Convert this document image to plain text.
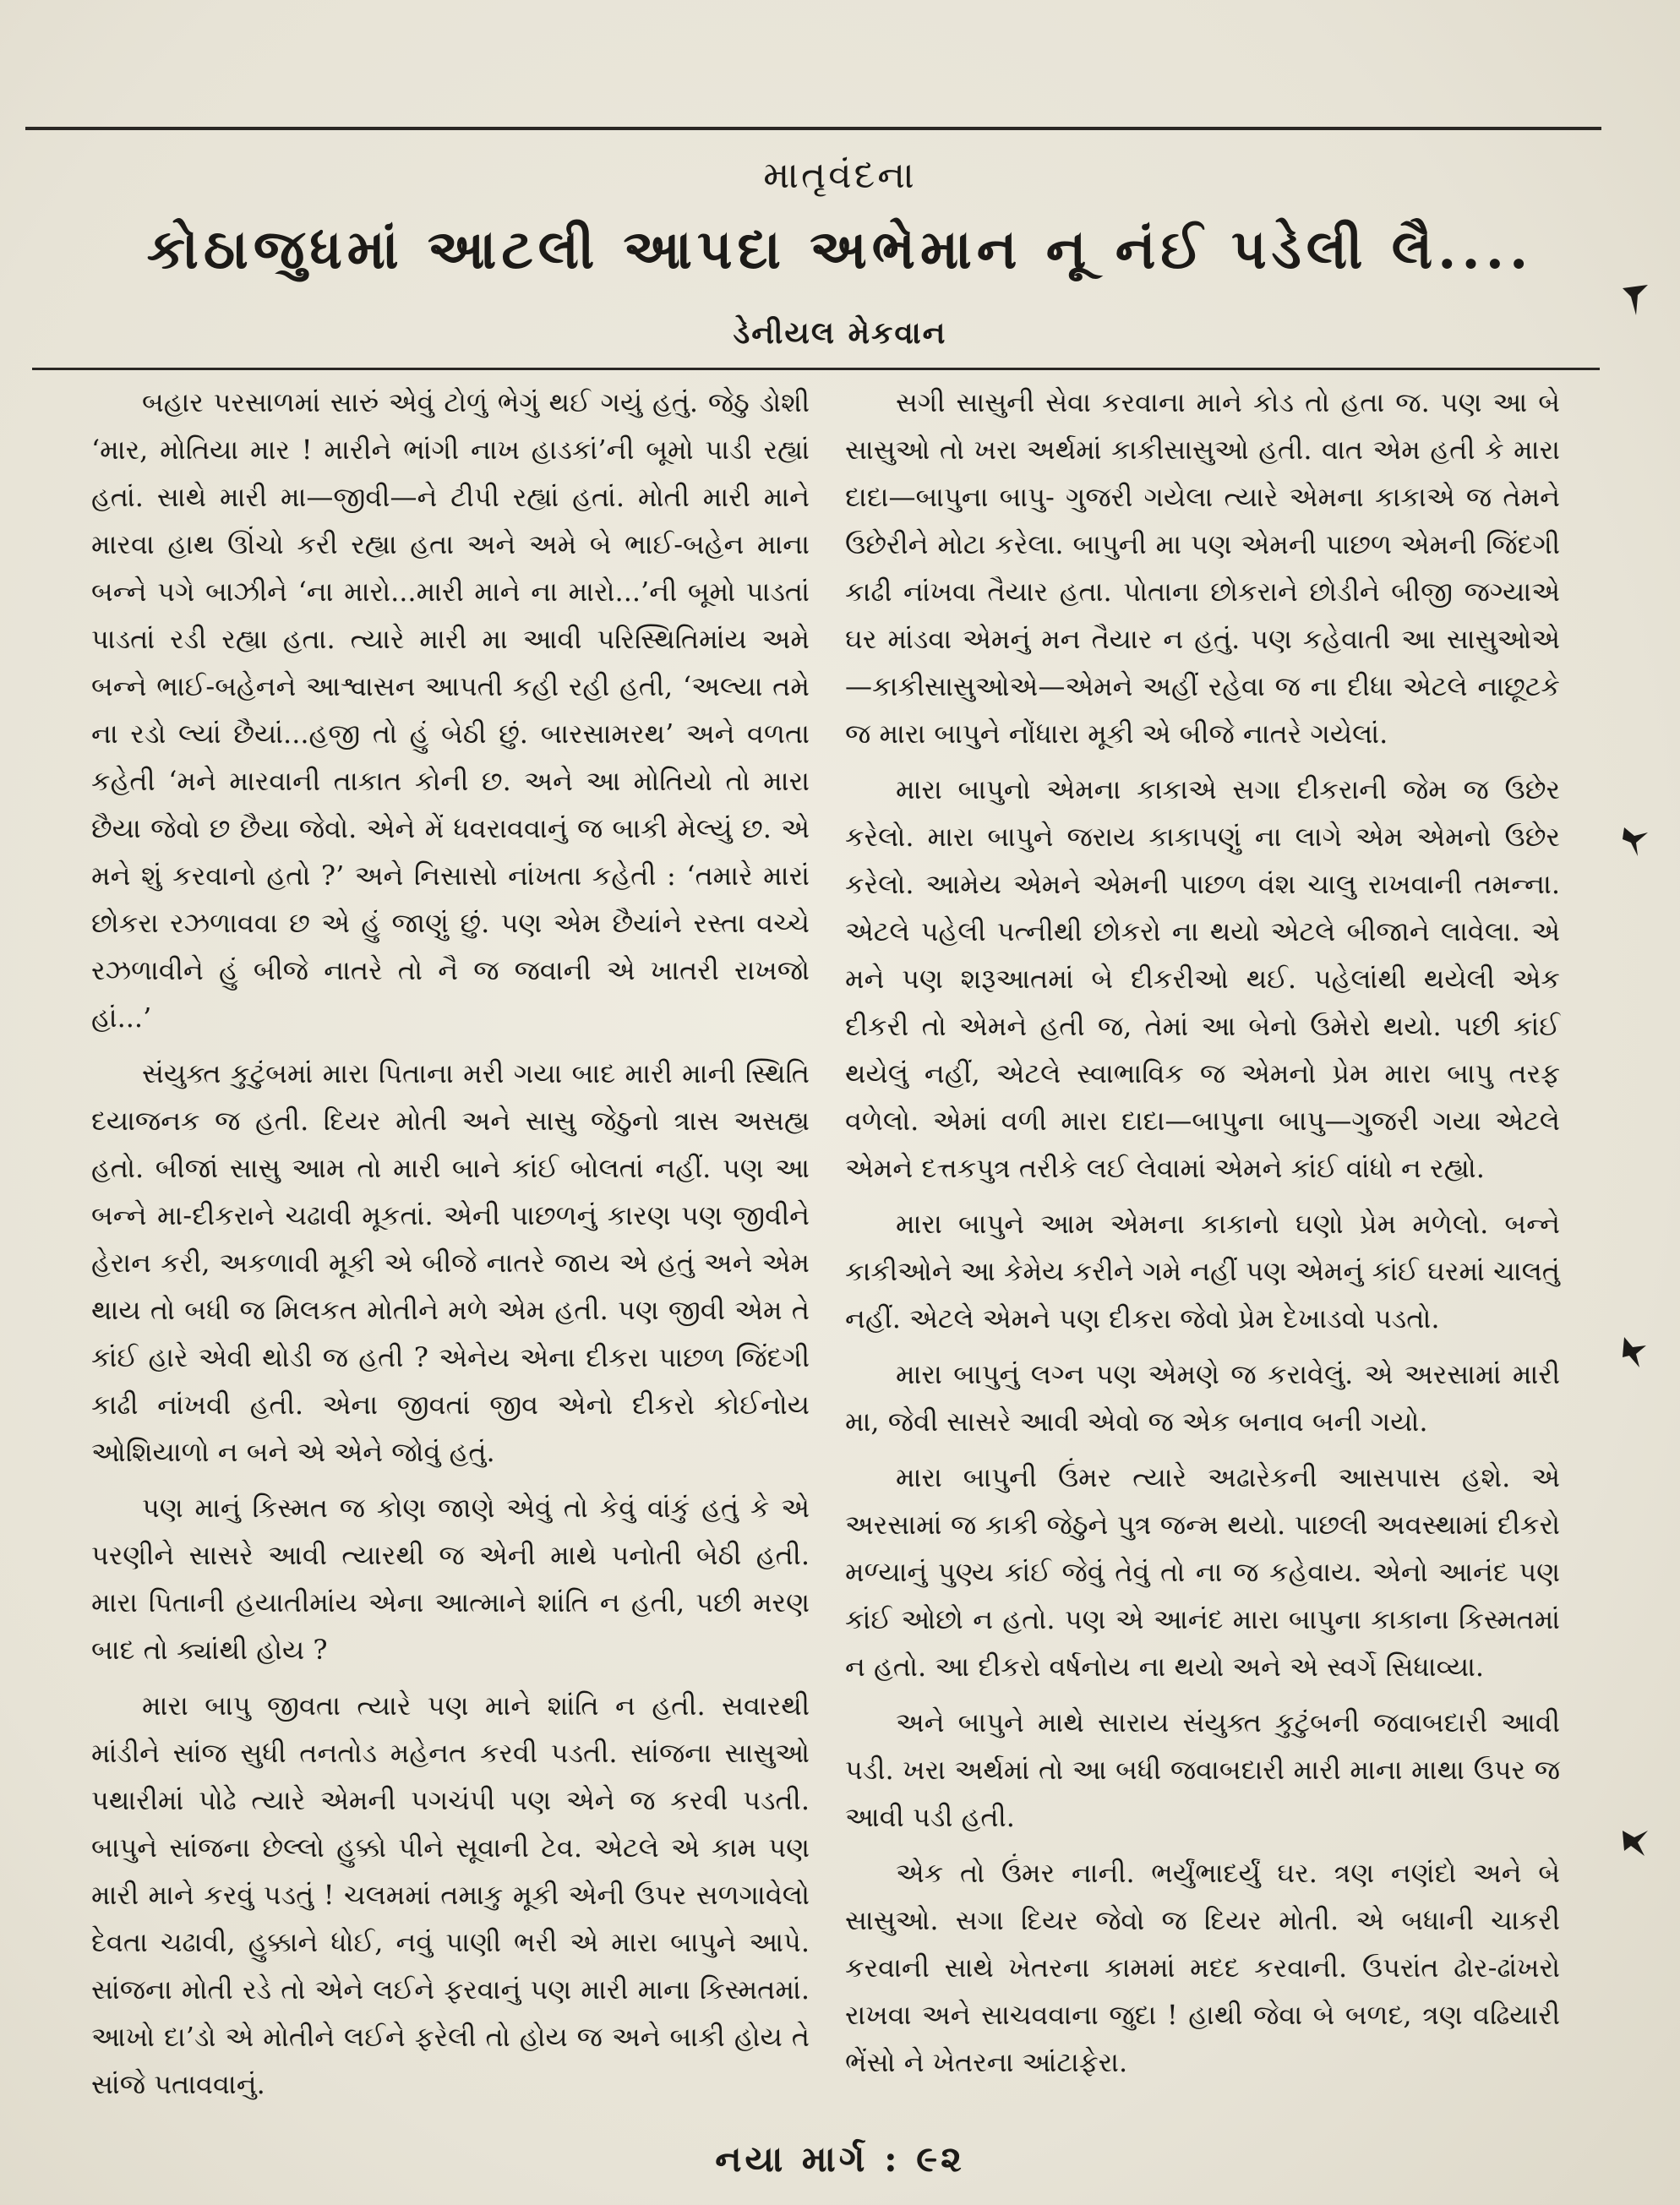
માતૃવંદના
કોઠાજુધમાં આટલી આપદા અભેમાન નૂ નંઈ પડેલી લૈ....
ડેનીયલ મેકવાન

બહાર પરસાળમાં સારું એવું ટોળું ભેગું થઈ ગયું હતું. જેઠુ ડોશી ‘માર, મોતિયા માર ! મારીને ભાંગી નાખ હાડકાં’ની બૂમો પાડી રહ્યાં હતાં. સાથે મારી મા—જીવી—ને ટીપી રહ્યાં હતાં. મોતી મારી માને મારવા હાથ ઊંચો કરી રહ્યા હતા અને અમે બે ભાઈ-બહેન માના બન્ને પગે બાઝીને ‘ના મારો...મારી માને ના મારો...’ની બૂમો પાડતાં પાડતાં રડી રહ્યા હતા. ત્યારે મારી મા આવી પરિસ્થિતિમાંય અમે બન્ને ભાઈ-બહેનને આશ્વાસન આપતી કહી રહી હતી, ‘અલ્યા તમે ના રડો લ્યાં છૈયાં...હજી તો હું બેઠી છું. બારસામરથ’ અને વળતા કહેતી ‘મને મારવાની તાકાત કોની છ. અને આ મોતિયો તો મારા છૈયા જેવો છ છૈયા જેવો. એને મેં ધવરાવવાનું જ બાકી મેલ્યું છ. એ મને શું કરવાનો હતો ?’ અને નિસાસો નાંખતા કહેતી : ‘તમારે મારાં છોકરા રઝળાવવા છ એ હું જાણું છું. પણ એમ છૈયાંને રસ્તા વચ્ચે રઝળાવીને હું બીજે નાતરે તો નૈ જ જવાની એ ખાતરી રાખજો હાં...’

સંયુક્ત કુટુંબમાં મારા પિતાના મરી ગયા બાદ મારી માની સ્થિતિ દયાજનક જ હતી. દિયર મોતી અને સાસુ જેઠુનો ત્રાસ અસહ્ય હતો. બીજાં સાસુ આમ તો મારી બાને કાંઈ બોલતાં નહીં. પણ આ બન્ને મા-દીકરાને ચઢાવી મૂકતાં. એની પાછળનું કારણ પણ જીવીને હેરાન કરી, અકળાવી મૂકી એ બીજે નાતરે જાય એ હતું અને એમ થાય તો બધી જ મિલકત મોતીને મળે એમ હતી. પણ જીવી એમ તે કાંઈ હારે એવી થોડી જ હતી ? એનેય એના દીકરા પાછળ જિંદગી કાઢી નાંખવી હતી. એના જીવતાં જીવ એનો દીકરો કોઈનોય ઓશિયાળો ન બને એ એને જોવું હતું.

પણ માનું કિસ્મત જ કોણ જાણે એવું તો કેવું વાંકું હતું કે એ પરણીને સાસરે આવી ત્યારથી જ એની માથે પનોતી બેઠી હતી. મારા પિતાની હયાતીમાંય એના આત્માને શાંતિ ન હતી, પછી મરણ બાદ તો ક્યાંથી હોય ?

મારા બાપુ જીવતા ત્યારે પણ માને શાંતિ ન હતી. સવારથી માંડીને સાંજ સુધી તનતોડ મહેનત કરવી પડતી. સાંજના સાસુઓ પથારીમાં પોઢે ત્યારે એમની પગચંપી પણ એને જ કરવી પડતી. બાપુને સાંજના છેલ્લો હુક્કો પીને સૂવાની ટેવ. એટલે એ કામ પણ મારી માને કરવું પડતું ! ચલમમાં તમાકુ મૂકી એની ઉપર સળગાવેલો દેવતા ચઢાવી, હુક્કાને ધોઈ, નવું પાણી ભરી એ મારા બાપુને આપે. સાંજના મોતી રડે તો એને લઈને ફરવાનું પણ મારી માના કિસ્મતમાં. આખો દા’ડો એ મોતીને લઈને ફરેલી તો હોય જ અને બાકી હોય તે સાંજે પતાવવાનું.

સગી સાસુની સેવા કરવાના માને કોડ તો હતા જ. પણ આ બે સાસુઓ તો ખરા અર્થમાં કાકીસાસુઓ હતી. વાત એમ હતી કે મારા દાદા—બાપુના બાપુ- ગુજરી ગયેલા ત્યારે એમના કાકાએ જ તેમને ઉછેરીને મોટા કરેલા. બાપુની મા પણ એમની પાછળ એમની જિંદગી કાઢી નાંખવા તૈયાર હતા. પોતાના છોકરાને છોડીને બીજી જગ્યાએ ઘર માંડવા એમનું મન તૈયાર ન હતું. પણ કહેવાતી આ સાસુઓએ—કાકીસાસુઓએ—એમને અહીં રહેવા જ ના દીધા એટલે નાછૂટકે જ મારા બાપુને નોંધારા મૂકી એ બીજે નાતરે ગયેલાં.

મારા બાપુનો એમના કાકાએ સગા દીકરાની જેમ જ ઉછેર કરેલો. મારા બાપુને જરાય કાકાપણું ના લાગે એમ એમનો ઉછેર કરેલો. આમેય એમને એમની પાછળ વંશ ચાલુ રાખવાની તમન્ના. એટલે પહેલી પત્નીથી છોકરો ના થયો એટલે બીજાને લાવેલા. એ મને પણ શરૂઆતમાં બે દીકરીઓ થઈ. પહેલાંથી થયેલી એક દીકરી તો એમને હતી જ, તેમાં આ બેનો ઉમેરો થયો. પછી કાંઈ થયેલું નહીં, એટલે સ્વાભાવિક જ એમનો પ્રેમ મારા બાપુ તરફ વળેલો. એમાં વળી મારા દાદા—બાપુના બાપુ—ગુજરી ગયા એટલે એમને દત્તકપુત્ર તરીકે લઈ લેવામાં એમને કાંઈ વાંધો ન રહ્યો.

મારા બાપુને આમ એમના કાકાનો ઘણો પ્રેમ મળેલો. બન્ને કાકીઓને આ કેમેય કરીને ગમે નહીં પણ એમનું કાંઈ ઘરમાં ચાલતું નહીં. એટલે એમને પણ દીકરા જેવો પ્રેમ દેખાડવો પડતો.

મારા બાપુનું લગ્ન પણ એમણે જ કરાવેલું. એ અરસામાં મારી મા, જેવી સાસરે આવી એવો જ એક બનાવ બની ગયો.

મારા બાપુની ઉંમર ત્યારે અઢારેકની આસપાસ હશે. એ અરસામાં જ કાકી જેઠુને પુત્ર જન્મ થયો. પાછલી અવસ્થામાં દીકરો મળ્યાનું પુણ્ય કાંઈ જેવું તેવું તો ના જ કહેવાય. એનો આનંદ પણ કાંઈ ઓછો ન હતો. પણ એ આનંદ મારા બાપુના કાકાના કિસ્મતમાં ન હતો. આ દીકરો વર્ષનોય ના થયો અને એ સ્વર્ગે સિધાવ્યા.

અને બાપુને માથે સારાય સંયુક્ત કુટુંબની જવાબદારી આવી પડી. ખરા અર્થમાં તો આ બધી જવાબદારી મારી માના માથા ઉપર જ આવી પડી હતી.

એક તો ઉંમર નાની. ભર્યુંભાદર્યું ઘર. ત્રણ નણંદો અને બે સાસુઓ. સગા દિયર જેવો જ દિયર મોતી. એ બધાની ચાકરી કરવાની સાથે ખેતરના કામમાં મદદ કરવાની. ઉપરાંત ઢોર-ઢાંખરો રાખવા અને સાચવવાના જુદા ! હાથી જેવા બે બળદ, ત્રણ વઢિયારી ભેંસો ને ખેતરના આંટાફેરા.

નયા માર્ગ : ૯૨
